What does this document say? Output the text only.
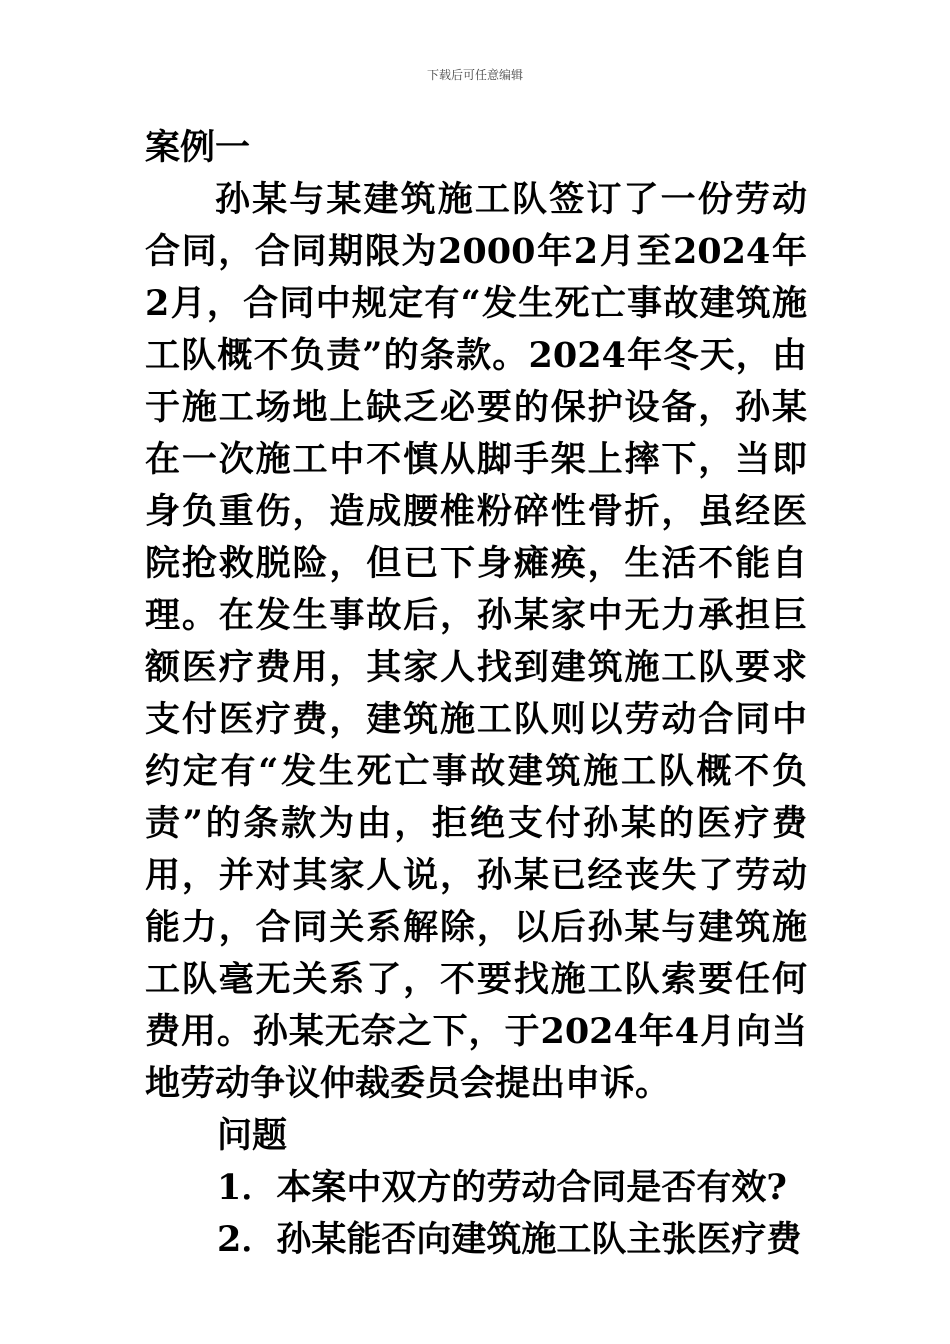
下载后可任意编辑

案例一

孙某与某建筑施工队签订了一份劳动合同，合同期限为2000年2月至2024年2月，合同中规定有“发生死亡事故建筑施工队概不负责”的条款。2024年冬天，由于施工场地上缺乏必要的保护设备，孙某在一次施工中不慎从脚手架上摔下，当即身负重伤，造成腰椎粉碎性骨折，虽经医院抢救脱险，但已下身瘫痪，生活不能自理。在发生事故后，孙某家中无力承担巨额医疗费用，其家人找到建筑施工队要求支付医疗费，建筑施工队则以劳动合同中约定有“发生死亡事故建筑施工队概不负责”的条款为由，拒绝支付孙某的医疗费用，并对其家人说，孙某已经丧失了劳动能力，合同关系解除，以后孙某与建筑施工队毫无关系了，不要找施工队索要任何费用。孙某无奈之下，于2024年4月向当地劳动争议仲裁委员会提出申诉。

问题

1．本案中双方的劳动合同是否有效?

2．孙某能否向建筑施工队主张医疗费
